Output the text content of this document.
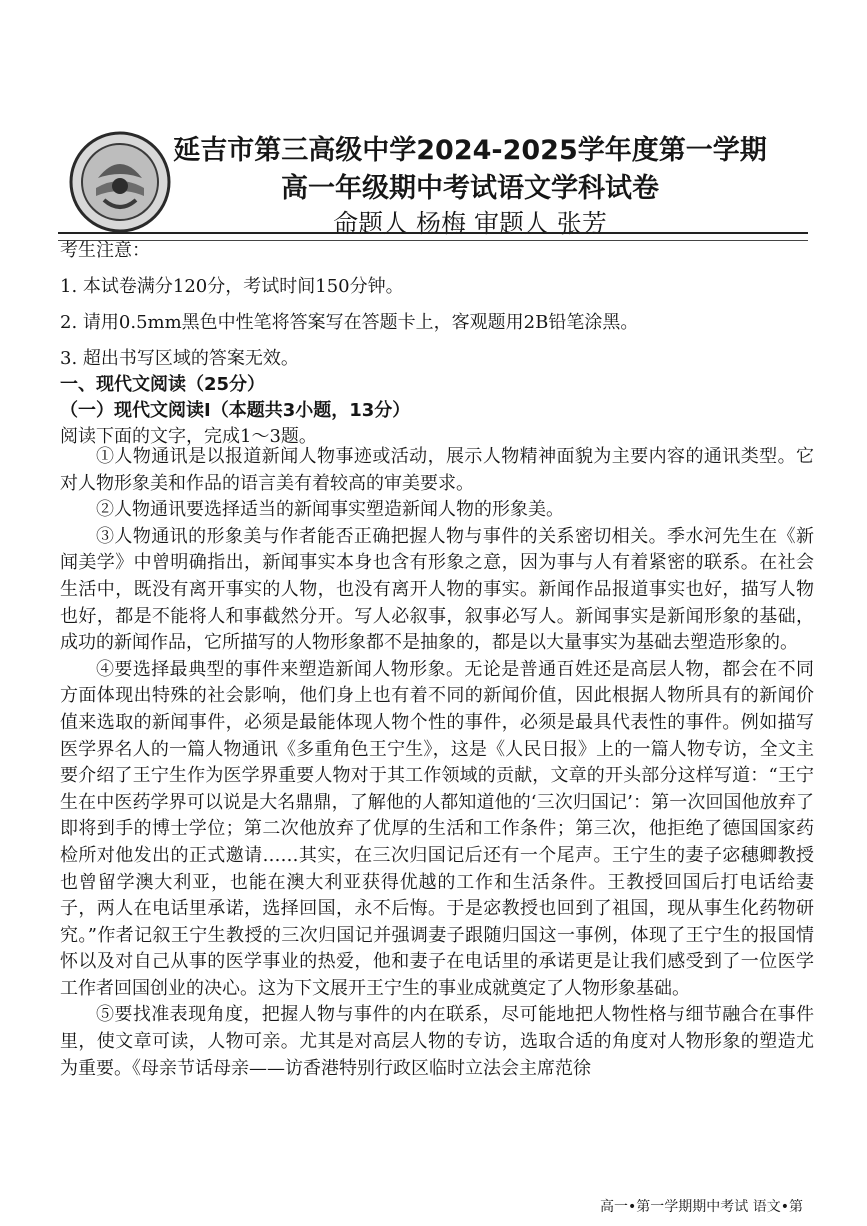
延吉市第三高级中学2024-2025学年度第一学期
高一年级期中考试语文学科试卷
命题人 杨梅 审题人 张芳
考生注意：
1. 本试卷满分120分，考试时间150分钟。
2. 请用0.5mm黑色中性笔将答案写在答题卡上，客观题用2B铅笔涂黑。
3. 超出书写区域的答案无效。
一、现代文阅读（25分）
（一）现代文阅读Ⅰ（本题共3小题，13分）
阅读下面的文字，完成1～3题。

①人物通讯是以报道新闻人物事迹或活动，展示人物精神面貌为主要内容的通讯类型。它对人物形象美和作品的语言美有着较高的审美要求。

②人物通讯要选择适当的新闻事实塑造新闻人物的形象美。

③人物通讯的形象美与作者能否正确把握人物与事件的关系密切相关。季水河先生在《新闻美学》中曾明确指出，新闻事实本身也含有形象之意，因为事与人有着紧密的联系。在社会生活中，既没有离开事实的人物，也没有离开人物的事实。新闻作品报道事实也好，描写人物也好，都是不能将人和事截然分开。写人必叙事，叙事必写人。新闻事实是新闻形象的基础，成功的新闻作品，它所描写的人物形象都不是抽象的，都是以大量事实为基础去塑造形象的。

④要选择最典型的事件来塑造新闻人物形象。无论是普通百姓还是高层人物，都会在不同方面体现出特殊的社会影响，他们身上也有着不同的新闻价值，因此根据人物所具有的新闻价值来选取的新闻事件，必须是最能体现人物个性的事件，必须是最具代表性的事件。例如描写医学界名人的一篇人物通讯《多重角色王宁生》，这是《人民日报》上的一篇人物专访，全文主要介绍了王宁生作为医学界重要人物对于其工作领域的贡献，文章的开头部分这样写道：“王宁生在中医药学界可以说是大名鼎鼎，了解他的人都知道他的‘三次归国记’：第一次回国他放弃了即将到手的博士学位；第二次他放弃了优厚的生活和工作条件；第三次，他拒绝了德国国家药检所对他发出的正式邀请……其实，在三次归国记后还有一个尾声。王宁生的妻子宓穗卿教授也曾留学澳大利亚，也能在澳大利亚获得优越的工作和生活条件。王教授回国后打电话给妻子，两人在电话里承诺，选择回国，永不后悔。于是宓教授也回到了祖国，现从事生化药物研究。”作者记叙王宁生教授的三次归国记并强调妻子跟随归国这一事例，体现了王宁生的报国情怀以及对自己从事的医学事业的热爱，他和妻子在电话里的承诺更是让我们感受到了一位医学工作者回国创业的决心。这为下文展开王宁生的事业成就奠定了人物形象基础。

⑤要找准表现角度，把握人物与事件的内在联系，尽可能地把人物性格与细节融合在事件里，使文章可读，人物可亲。尤其是对高层人物的专访，选取合适的角度对人物形象的塑造尤为重要。《母亲节话母亲——访香港特别行政区临时立法会主席范徐

高一•第一学期期中考试 语文•第
